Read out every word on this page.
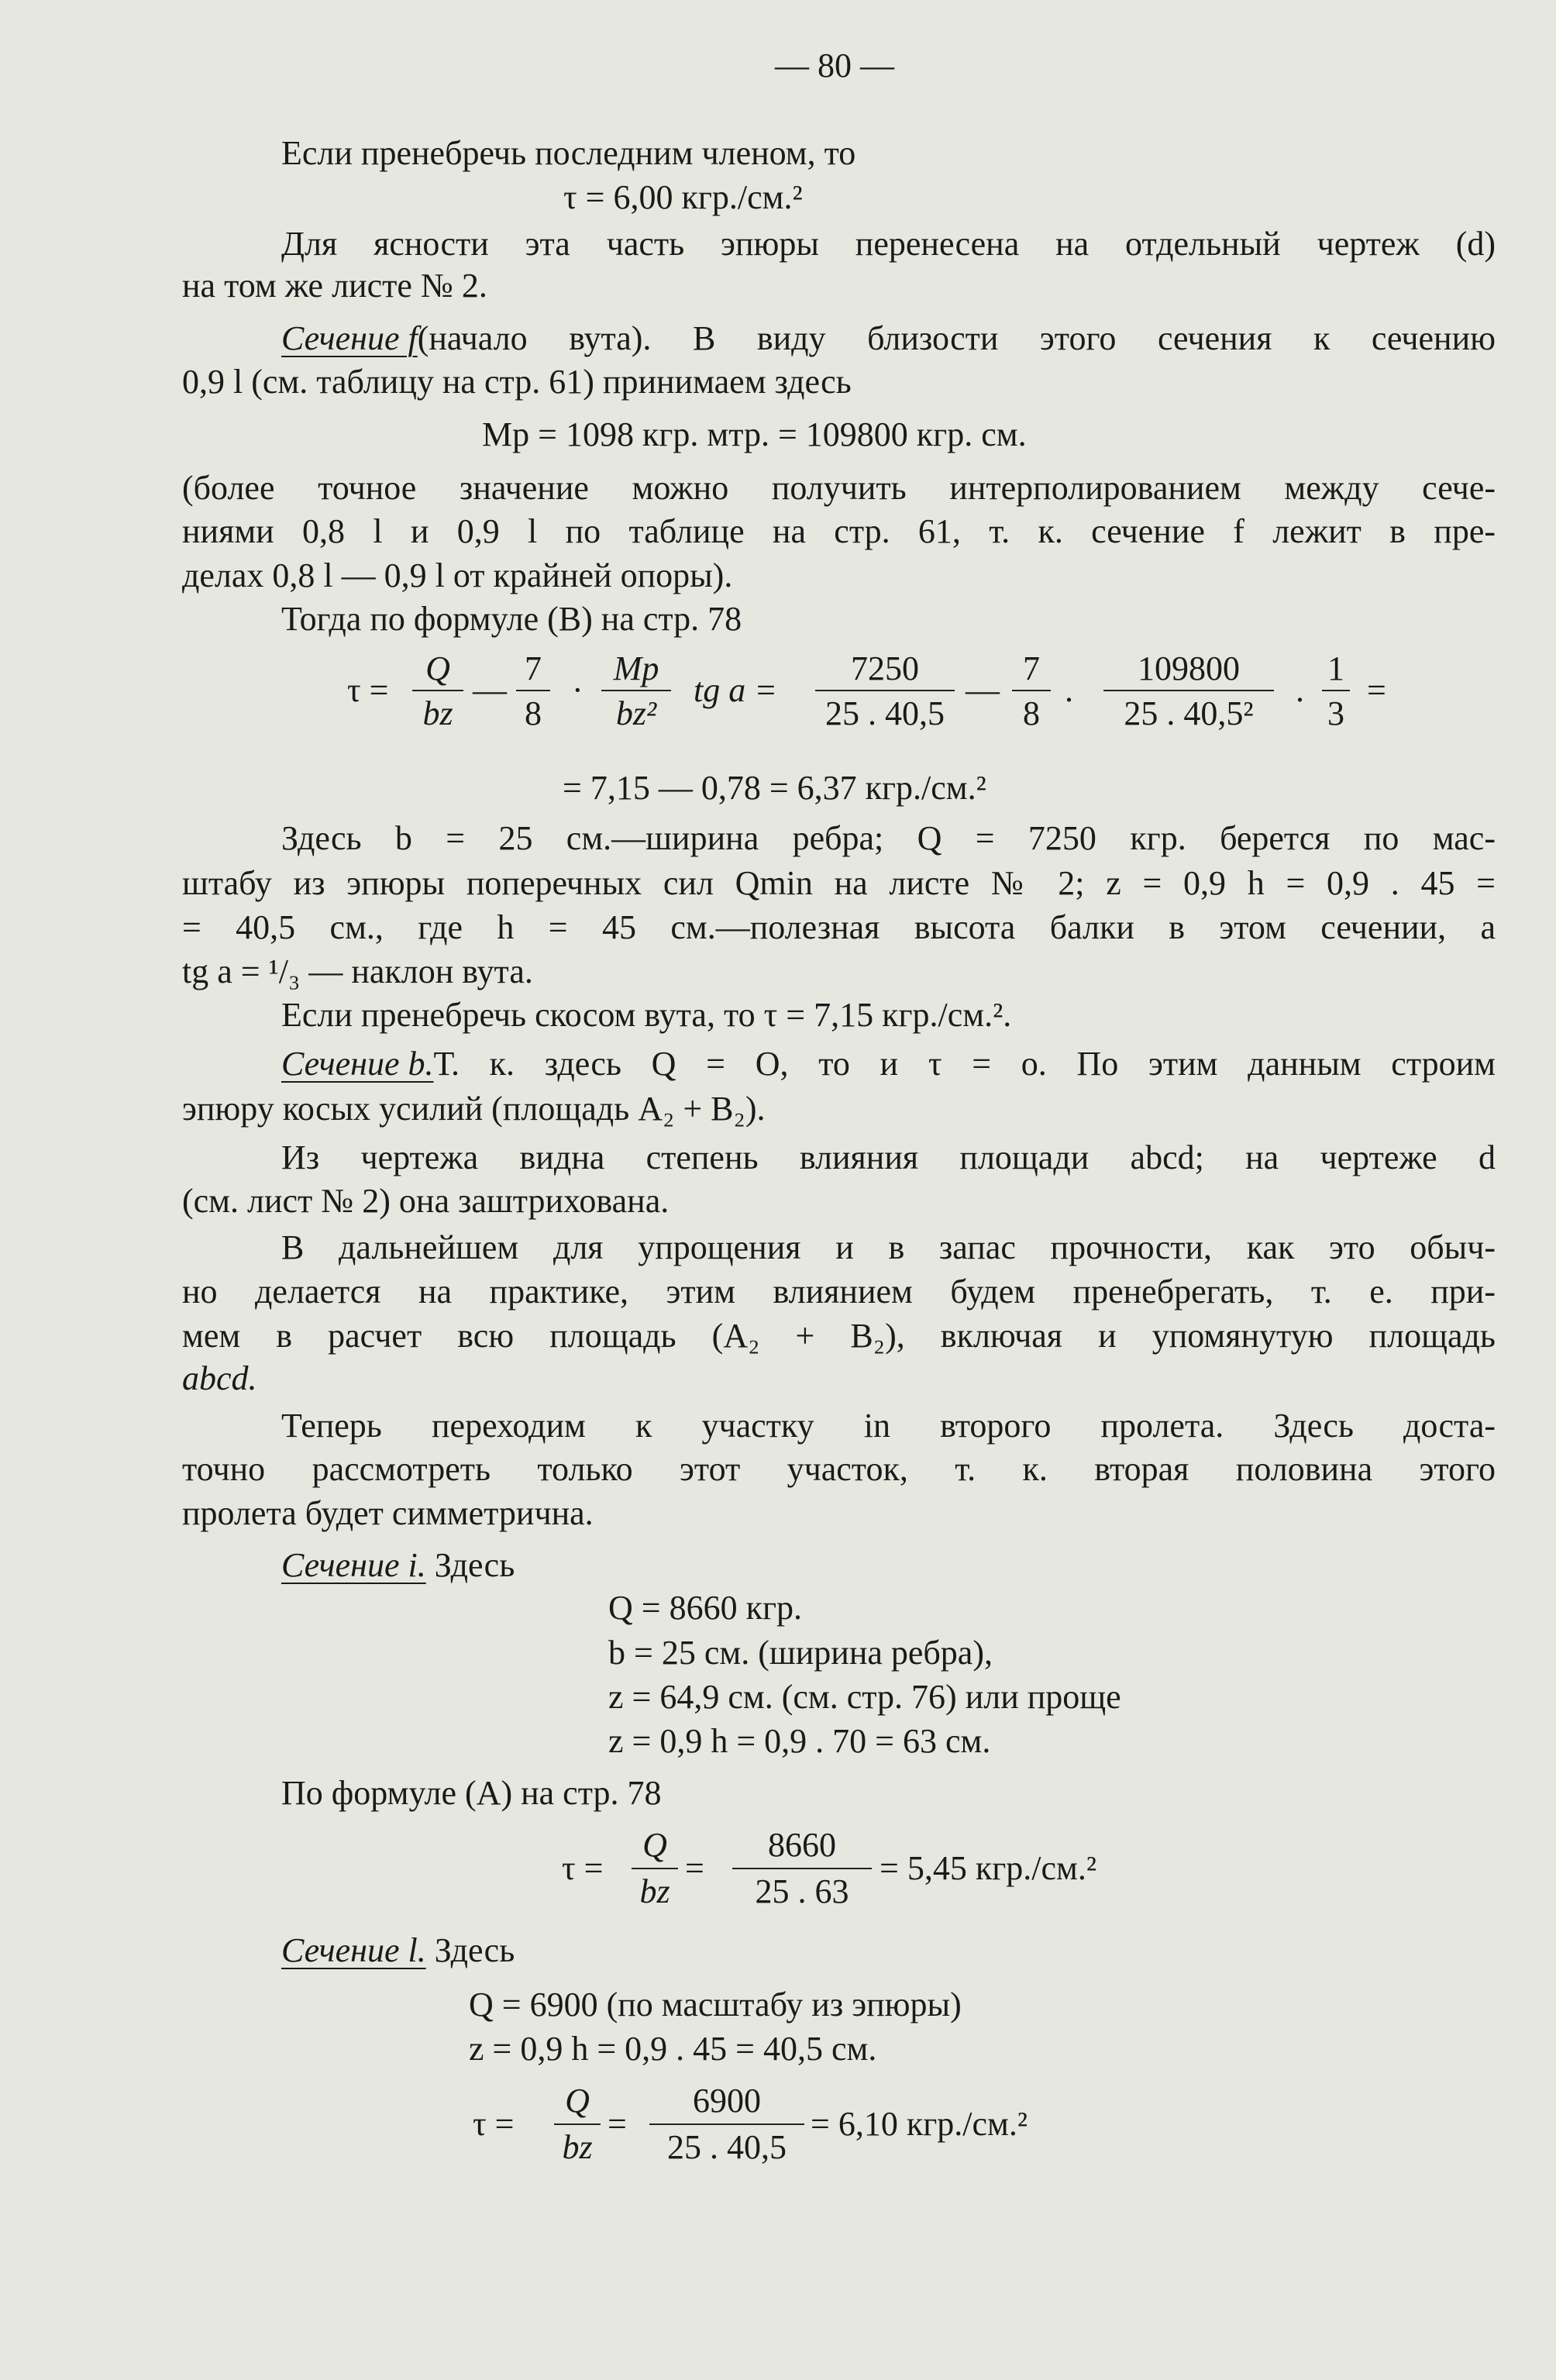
— 80 —
Если пренебречь последним членом, то
τ = 6,00 кгр./см.²
Для ясности эта часть эпюры перенесена на отдельный чертеж (d)
на том же листе № 2.
Сечение f (начало вута). В виду близости этого сечения к сечению
0,9 l (см. таблицу на стр. 61) принимаем здесь
Mp = 1098 кгр. мтр. = 109800 кгр. см.
(более точное значение можно получить интерполированием между сече-
ниями 0,8 l и 0,9 l по таблице на стр. 61, т. к. сечение f лежит в пре-
делах 0,8 l — 0,9 l от крайней опоры).
Тогда по формуле (B) на стр. 78
τ =
Q
bz
—
7
8
·
Mp
bz²
tg a =
7250
25 . 40,5
—
7
8
.
109800
25 . 40,5²
.
1
3
=
= 7,15 — 0,78 = 6,37 кгр./см.²
Здесь b = 25 см.—ширина ребра; Q = 7250 кгр. берется по мас-
штабу из эпюры поперечных сил Qmin на листе № 2; z = 0,9 h = 0,9 . 45 =
= 40,5 см., где h = 45 см.—полезная высота балки в этом сечении, а
tg a = ¹/₃ — наклон вута.
Если пренебречь скосом вута, то τ = 7,15 кгр./см.².
Сечение b. Т. к. здесь Q = O, то и τ = o. По этим данным строим
эпюру косых усилий (площадь A₂ + B₂).
Из чертежа видна степень влияния площади abcd; на чертеже d
(см. лист № 2) она заштрихована.
В дальнейшем для упрощения и в запас прочности, как это обыч-
но делается на практике, этим влиянием будем пренебрегать, т. е. при-
мем в расчет всю площадь (A₂ + B₂), включая и упомянутую площадь
abcd.
Теперь переходим к участку in второго пролета. Здесь доста-
точно рассмотреть только этот участок, т. к. вторая половина этого
пролета будет симметрична.
Сечение i. Здесь
Q = 8660 кгр.
b = 25 см. (ширина ребра),
z = 64,9 см. (см. стр. 76) или проще
z = 0,9 h = 0,9 . 70 = 63 см.
По формуле (A) на стр. 78
τ =
Q
bz
=
8660
25 . 63
= 5,45 кгр./см.²
Сечение l. Здесь
Q = 6900 (по масштабу из эпюры)
z = 0,9 h = 0,9 . 45 = 40,5 см.
τ =
Q
bz
=
6900
25 . 40,5
= 6,10 кгр./см.²
